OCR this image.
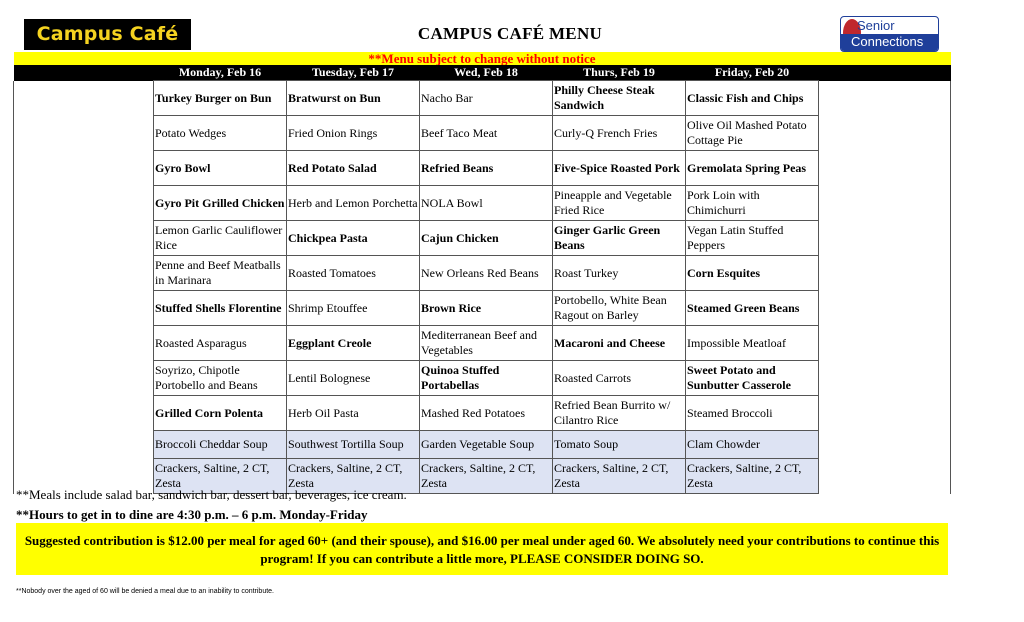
Campus Café	CAMPUS CAFÉ MENU	Senior
Connections
**Menu subject to change without notice						
	Monday, Feb 16	Tuesday, Feb 17	Wed, Feb 18	Thurs, Feb 19	Friday, Feb 20	
	Turkey Burger on Bun	Bratwurst on Bun	Nacho Bar	Philly Cheese Steak Sandwich	Classic Fish and Chips	
	Potato Wedges	Fried Onion Rings	Beef Taco Meat	Curly-Q French Fries	Olive Oil Mashed Potato Cottage Pie	
	Gyro Bowl	Red Potato Salad	Refried Beans	Five-Spice Roasted Pork	Gremolata Spring Peas	
	Gyro Pit Grilled Chicken	Herb and Lemon Porchetta	NOLA Bowl	Pineapple and Vegetable Fried Rice	Pork Loin with Chimichurri	
	Lemon Garlic Cauliflower Rice	Chickpea Pasta	Cajun Chicken	Ginger Garlic Green Beans	Vegan Latin Stuffed Peppers	
	Penne and Beef Meatballs in Marinara	Roasted Tomatoes	New Orleans Red Beans	Roast Turkey	Corn Esquites	
	Stuffed Shells Florentine	Shrimp Etouffee	Brown Rice	Portobello, White Bean Ragout on Barley	Steamed Green Beans	
	Roasted Asparagus	Eggplant Creole	Mediterranean Beef and Vegetables	Macaroni and Cheese	Impossible Meatloaf	
	Soyrizo, Chipotle Portobello and Beans	Lentil Bolognese	Quinoa Stuffed Portabellas	Roasted Carrots	Sweet Potato and Sunbutter Casserole	
	Grilled Corn Polenta	Herb Oil Pasta	Mashed Red Potatoes	Refried Bean Burrito w/ Cilantro Rice	Steamed Broccoli	
	Broccoli Cheddar Soup	Southwest Tortilla Soup	Garden Vegetable Soup	Tomato Soup	Clam Chowder	
	Crackers, Saltine, 2 CT, Zesta	Crackers, Saltine, 2 CT, Zesta	Crackers, Saltine, 2 CT, Zesta	Crackers, Saltine, 2 CT, Zesta	Crackers, Saltine, 2 CT, Zesta	
**Meals include salad bar, sandwich bar, dessert bar, beverages, ice cream.
**Hours to get in to dine are 4:30 p.m. – 6 p.m. Monday-Friday
Suggested contribution is $12.00 per meal for aged 60+ (and their spouse), and $16.00 per meal under aged 60. We absolutely need your contributions to continue this program! If you can contribute a little more, PLEASE CONSIDER DOING SO.
**Nobody over the aged of 60 will be denied a meal due to an inability to contribute.
